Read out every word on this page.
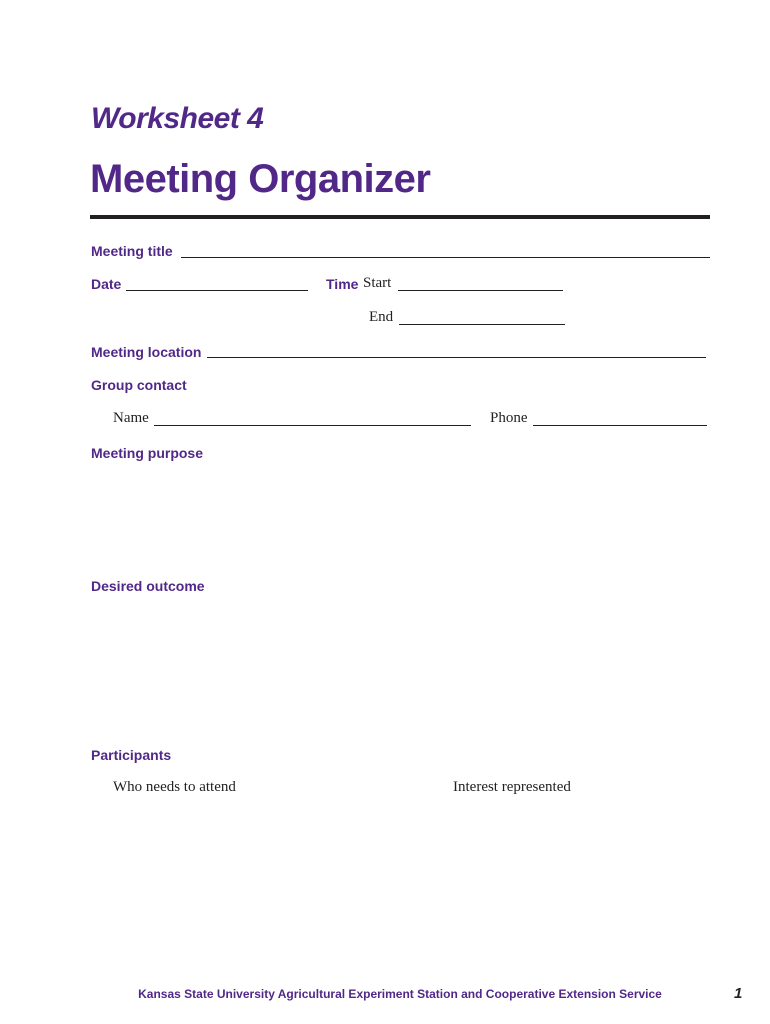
Worksheet 4
Meeting Organizer
Meeting title
Date	Time Start
End
Meeting location
Group contact
Name	Phone
Meeting purpose
Desired outcome
Participants
Who needs to attend	Interest represented
Kansas State University Agricultural Experiment Station and Cooperative Extension Service	1
